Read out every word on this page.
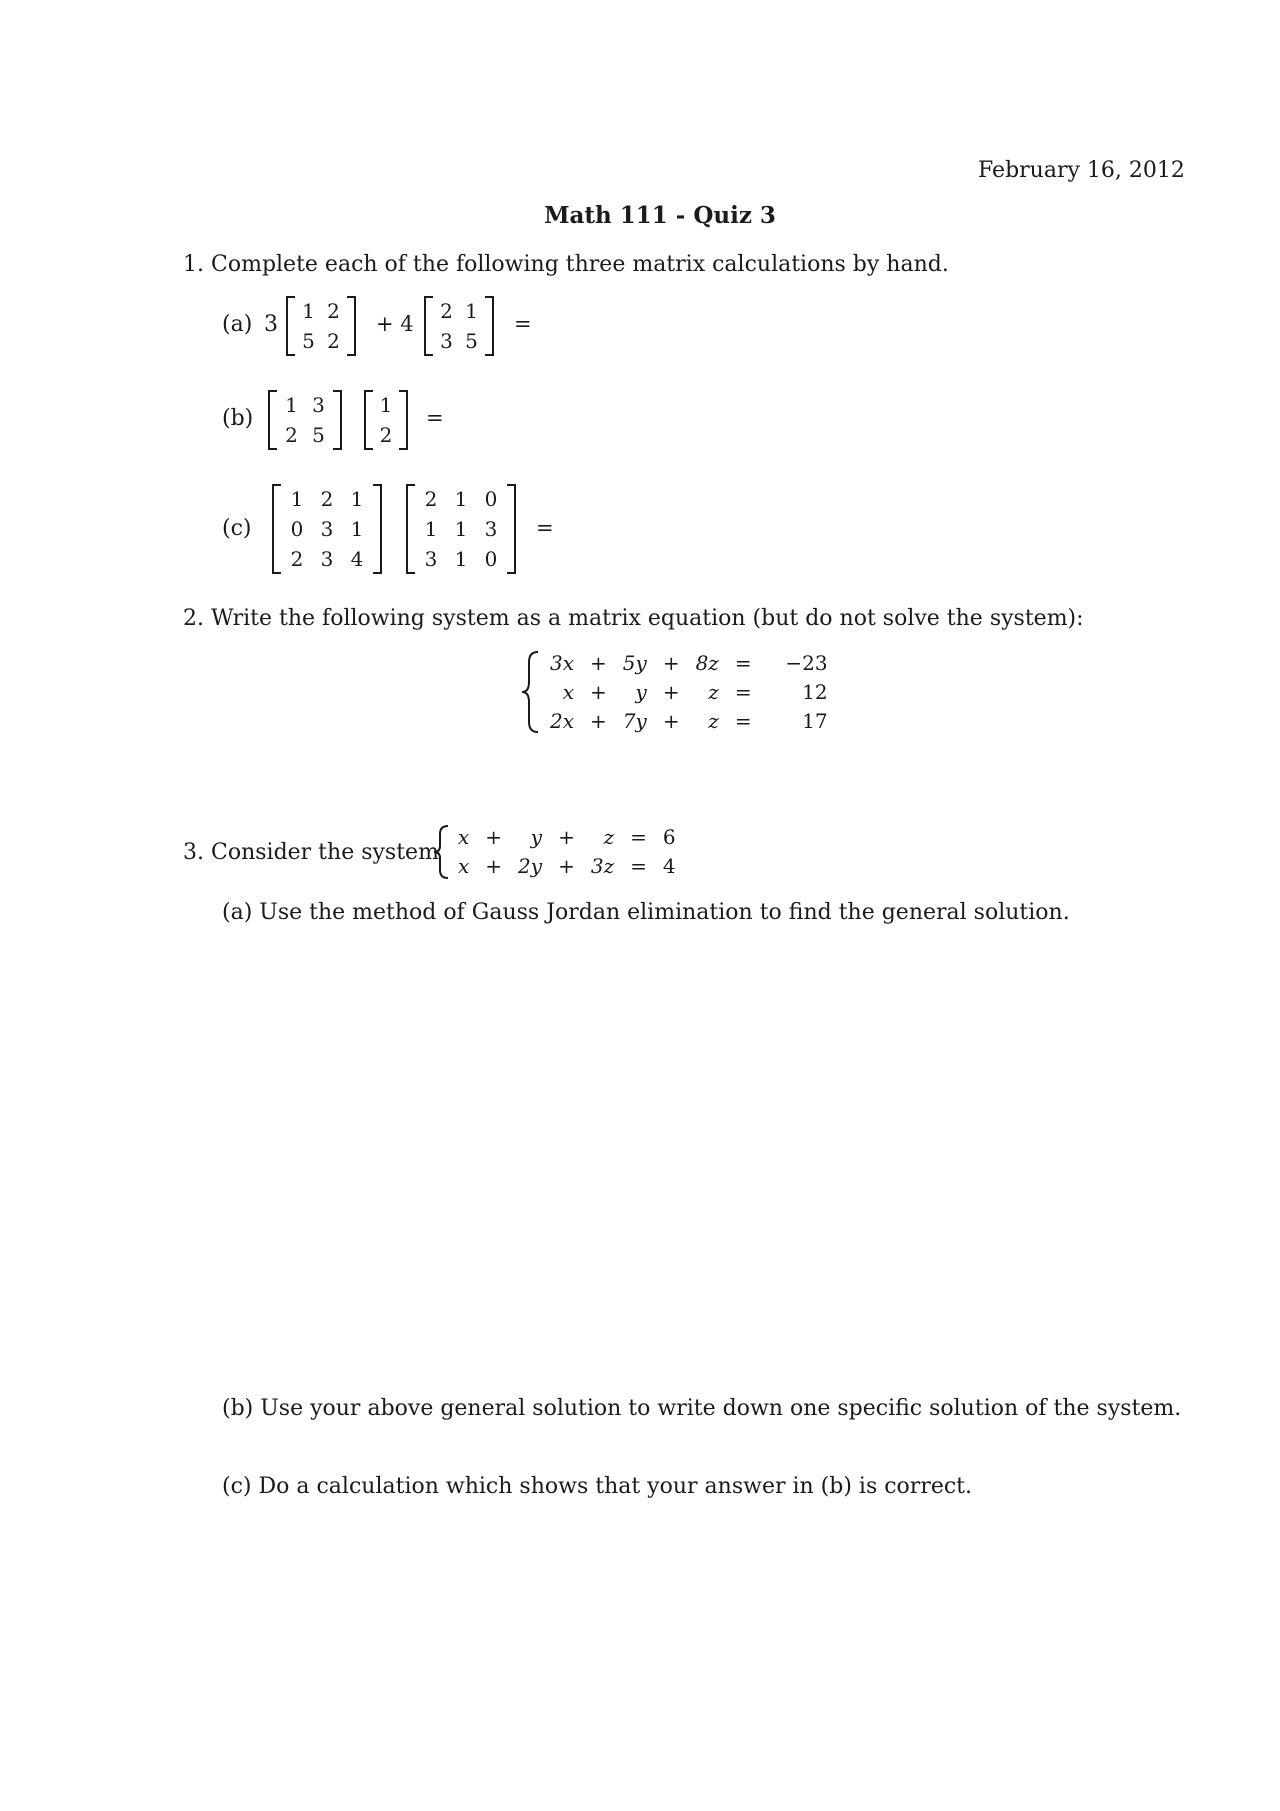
February 16, 2012
Math 111 - Quiz 3
1. Complete each of the following three matrix calculations by hand.
(a) 3
1 2
5 2
+ 4
2 1
3 5
=
(b)
1 3
2 5
1
2
=
(c)
1 2 1
0 3 1
2 3 4
2 1 0
1 1 3
3 1 0
=
2. Write the following system as a matrix equation (but do not solve the system):
3x	+	5y	+	8z	=	−23
x	+	y	+	z	=	12
2x	+	7y	+	z	=	17
3. Consider the system
x	+	y	+	z	=	6
x	+	2y	+	3z	=	4
(a) Use the method of Gauss Jordan elimination to find the general solution.
(b) Use your above general solution to write down one specific solution of the system.
(c) Do a calculation which shows that your answer in (b) is correct.
